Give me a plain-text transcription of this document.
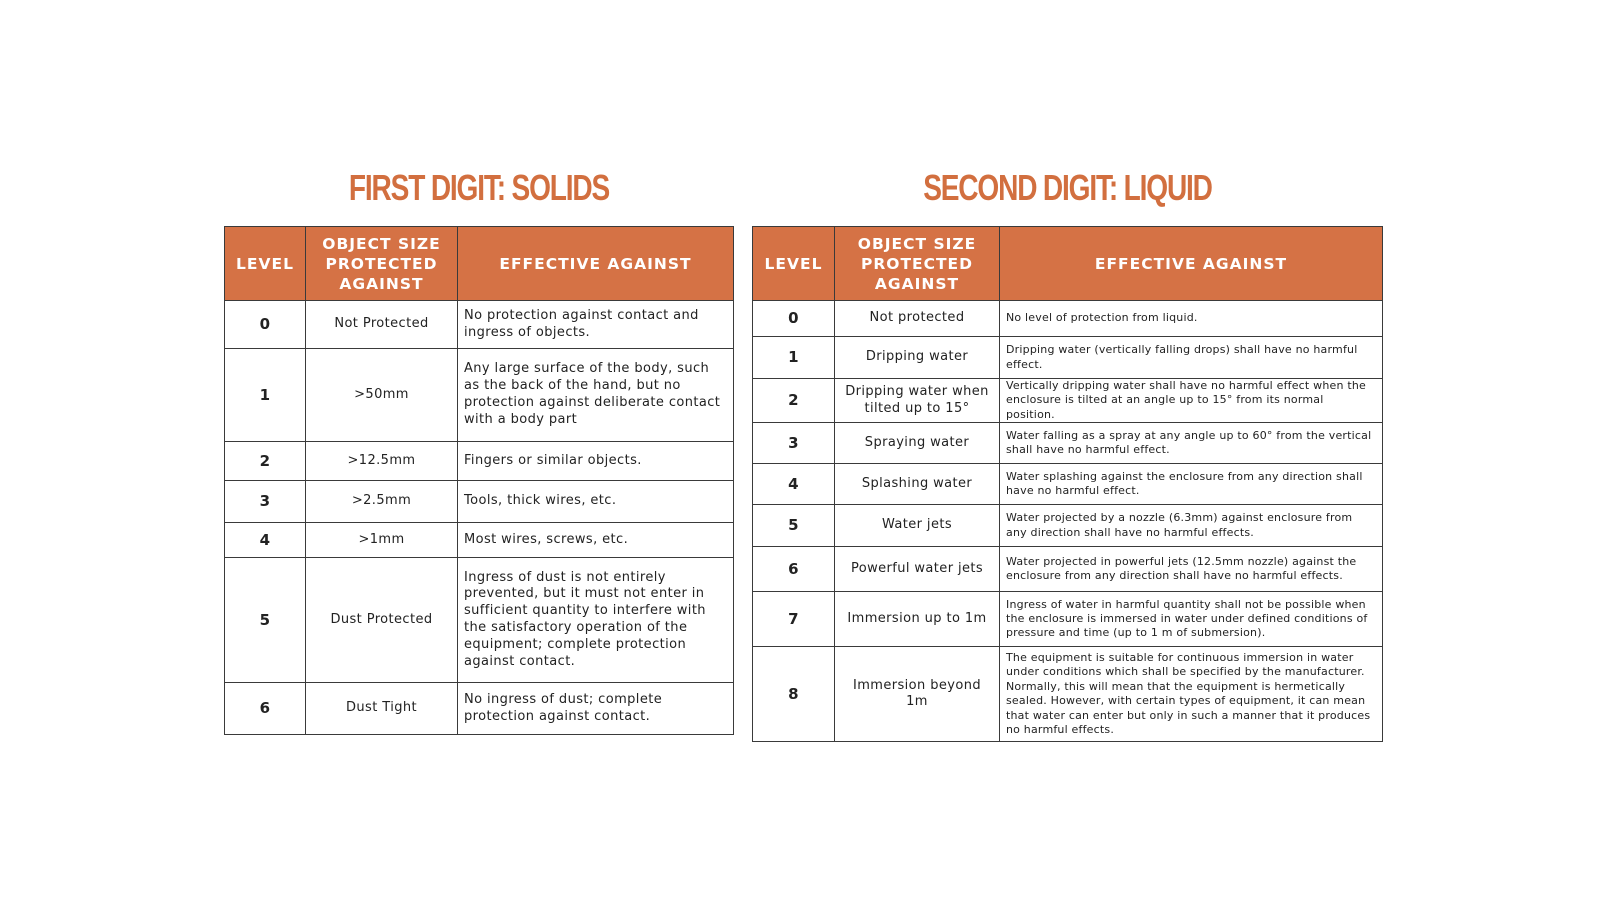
FIRST DIGIT: SOLIDS
LEVEL	OBJECT SIZE PROTECTED AGAINST	EFFECTIVE AGAINST
0	Not Protected	No protection against contact and ingress of objects.
1	>50mm	Any large surface of the body, such as the back of the hand, but no protection against deliberate contact with a body part
2	>12.5mm	Fingers or similar objects.
3	>2.5mm	Tools, thick wires, etc.
4	>1mm	Most wires, screws, etc.
5	Dust Protected	Ingress of dust is not entirely prevented, but it must not enter in sufficient quantity to interfere with the satisfactory operation of the equipment; complete protection against contact.
6	Dust Tight	No ingress of dust; complete protection against contact.
SECOND DIGIT: LIQUID
LEVEL	OBJECT SIZE PROTECTED AGAINST	EFFECTIVE AGAINST
0	Not protected	No level of protection from liquid.
1	Dripping water	Dripping water (vertically falling drops) shall have no harmful effect.
2	Dripping water when tilted up to 15°	Vertically dripping water shall have no harmful effect when the enclosure is tilted at an angle up to 15° from its normal position.
3	Spraying water	Water falling as a spray at any angle up to 60° from the vertical shall have no harmful effect.
4	Splashing water	Water splashing against the enclosure from any direction shall have no harmful effect.
5	Water jets	Water projected by a nozzle (6.3mm) against enclosure from any direction shall have no harmful effects.
6	Powerful water jets	Water projected in powerful jets (12.5mm nozzle) against the enclosure from any direction shall have no harmful effects.
7	Immersion up to 1m	Ingress of water in harmful quantity shall not be possible when the enclosure is immersed in water under defined conditions of pressure and time (up to 1 m of submersion).
8	Immersion beyond 1m	The equipment is suitable for continuous immersion in water under conditions which shall be specified by the manufacturer. Normally, this will mean that the equipment is hermetically sealed. However, with certain types of equipment, it can mean that water can enter but only in such a manner that it produces no harmful effects.
